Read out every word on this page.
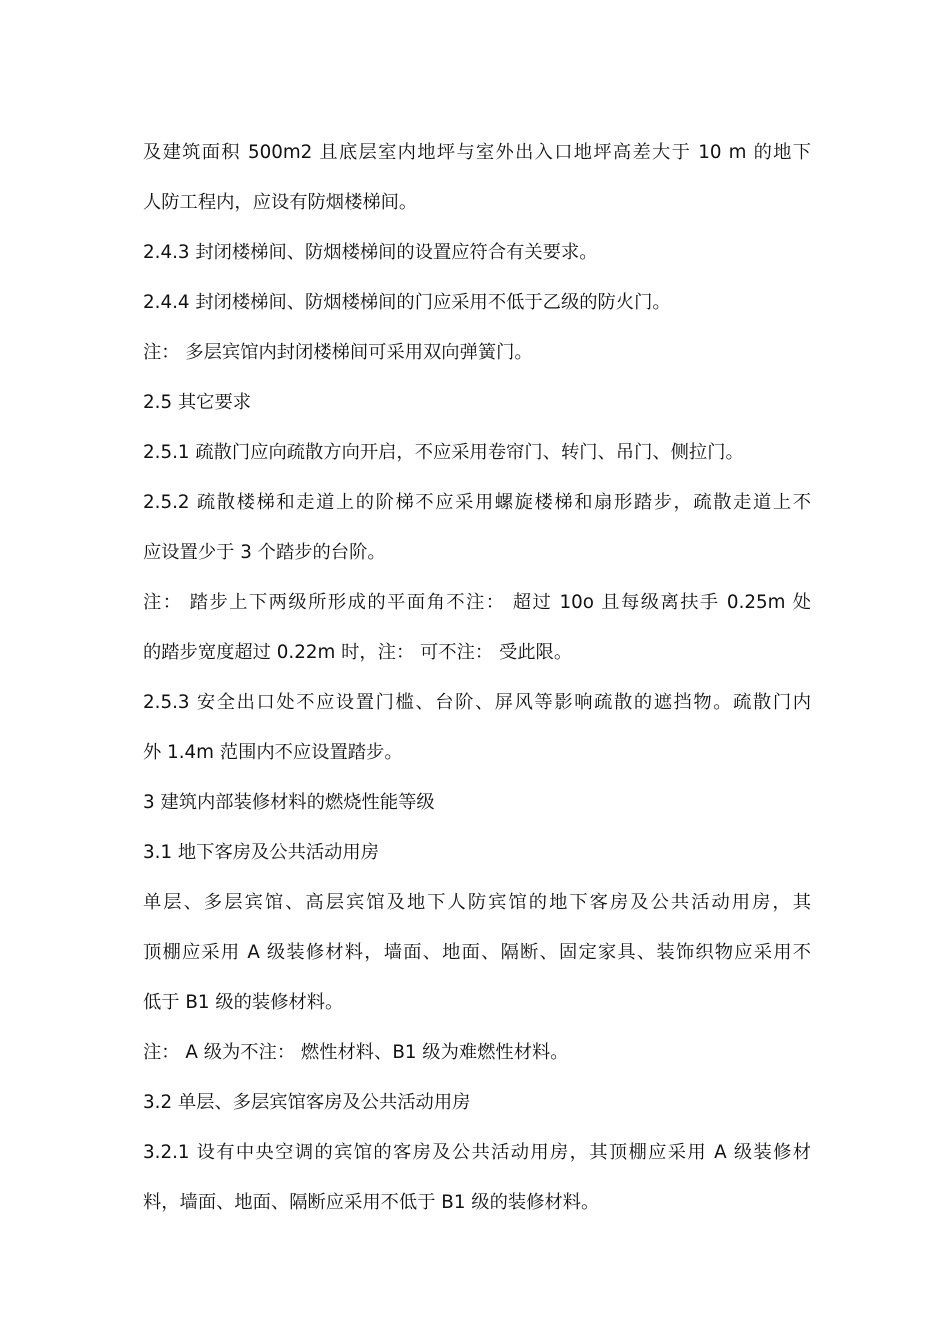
及建筑面积 500m2 且底层室内地坪与室外出入口地坪高差大于 10 m 的地下
人防工程内，应设有防烟楼梯间。
2.4.3 封闭楼梯间、防烟楼梯间的设置应符合有关要求。
2.4.4 封闭楼梯间、防烟楼梯间的门应采用不低于乙级的防火门。
注： 多层宾馆内封闭楼梯间可采用双向弹簧门。
2.5 其它要求
2.5.1 疏散门应向疏散方向开启，不应采用卷帘门、转门、吊门、侧拉门。
2.5.2 疏散楼梯和走道上的阶梯不应采用螺旋楼梯和扇形踏步，疏散走道上不
应设置少于 3 个踏步的台阶。
注： 踏步上下两级所形成的平面角不注： 超过 10o 且每级离扶手 0.25m 处
的踏步宽度超过 0.22m 时，注： 可不注： 受此限。
2.5.3 安全出口处不应设置门槛、台阶、屏风等影响疏散的遮挡物。疏散门内
外 1.4m 范围内不应设置踏步。
3 建筑内部装修材料的燃烧性能等级
3.1 地下客房及公共活动用房
单层、多层宾馆、高层宾馆及地下人防宾馆的地下客房及公共活动用房，其
顶棚应采用 A 级装修材料，墙面、地面、隔断、固定家具、装饰织物应采用不
低于 B1 级的装修材料。
注： A 级为不注： 燃性材料、B1 级为难燃性材料。
3.2 单层、多层宾馆客房及公共活动用房
3.2.1 设有中央空调的宾馆的客房及公共活动用房，其顶棚应采用 A 级装修材
料，墙面、地面、隔断应采用不低于 B1 级的装修材料。
